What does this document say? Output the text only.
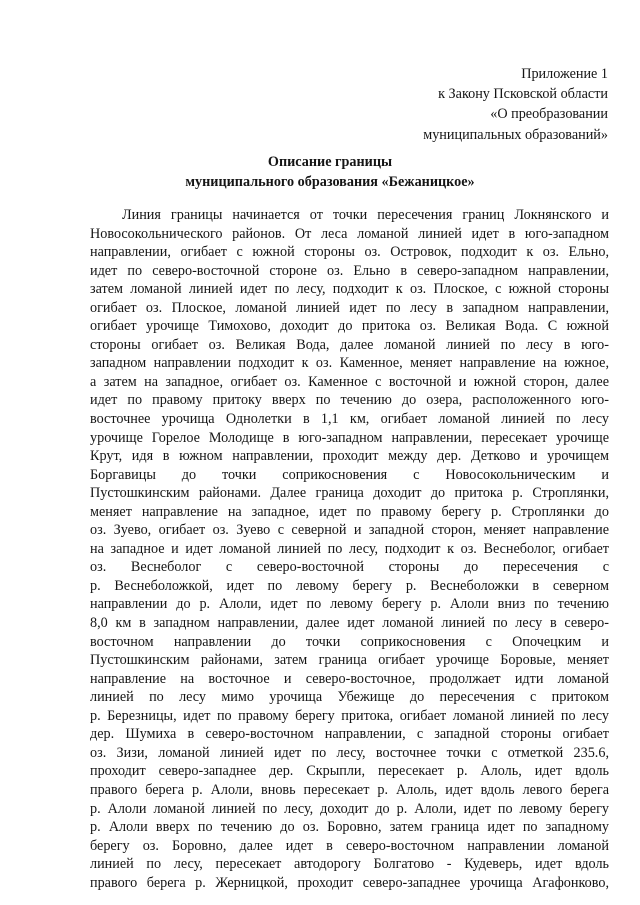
Приложение 1
к Закону Псковской области
«О преобразовании
муниципальных образований»
Описание границы
муниципального образования «Бежаницкое»
Линия границы начинается от точки пересечения границ Локнянского и
Новосокольнического районов. От леса ломаной линией идет в юго-западном
направлении, огибает с южной стороны оз. Островок, подходит к оз. Ельно,
идет по северо-восточной стороне оз. Ельно в северо-западном направлении,
затем ломаной линией идет по лесу, подходит к оз. Плоское, с южной стороны
огибает оз. Плоское, ломаной линией идет по лесу в западном направлении,
огибает урочище Тимохово, доходит до притока оз. Великая Вода. С южной
стороны огибает оз. Великая Вода, далее ломаной линией по лесу в юго-
западном направлении подходит к оз. Каменное, меняет направление на южное,
а затем на западное, огибает оз. Каменное с восточной и южной сторон, далее
идет по правому притоку вверх по течению до озера, расположенного юго-
восточнее урочища Однолетки в 1,1 км, огибает ломаной линией по лесу
урочище Горелое Молодище в юго-западном направлении, пересекает урочище
Крут, идя в южном направлении, проходит между дер. Детково и урочищем
Боргавицы до точки соприкосновения с Новосокольническим и
Пустошкинским районами. Далее граница доходит до притока р. Строплянки,
меняет направление на западное, идет по правому берегу р. Строплянки до
оз. Зуево, огибает оз. Зуево с северной и западной сторон, меняет направление
на западное и идет ломаной линией по лесу, подходит к оз. Веснеболог, огибает
оз. Веснеболог с северо-восточной стороны до пересечения с
р. Веснеболожкой, идет по левому берегу р. Веснеболожки в северном
направлении до р. Алоли, идет по левому берегу р. Алоли вниз по течению
8,0 км в западном направлении, далее идет ломаной линией по лесу в северо-
восточном направлении до точки соприкосновения с Опочецким и
Пустошкинским районами, затем граница огибает урочище Боровые, меняет
направление на восточное и северо-восточное, продолжает идти ломаной
линией по лесу мимо урочища Убежище до пересечения с притоком
р. Березницы, идет по правому берегу притока, огибает ломаной линией по лесу
дер. Шумиха в северо-восточном направлении, с западной стороны огибает
оз. Зизи, ломаной линией идет по лесу, восточнее точки с отметкой 235.6,
проходит северо-западнее дер. Скрыпли, пересекает р. Алоль, идет вдоль
правого берега р. Алоли, вновь пересекает р. Алоль, идет вдоль левого берега
р. Алоли ломаной линией по лесу, доходит до р. Алоли, идет по левому берегу
р. Алоли вверх по течению до оз. Боровно, затем граница идет по западному
берегу оз. Боровно, далее идет в северо-восточном направлении ломаной
линией по лесу, пересекает автодорогу Болгатово - Кудеверь, идет вдоль
правого берега р. Жерницкой, проходит северо-западнее урочища Агафонково,
